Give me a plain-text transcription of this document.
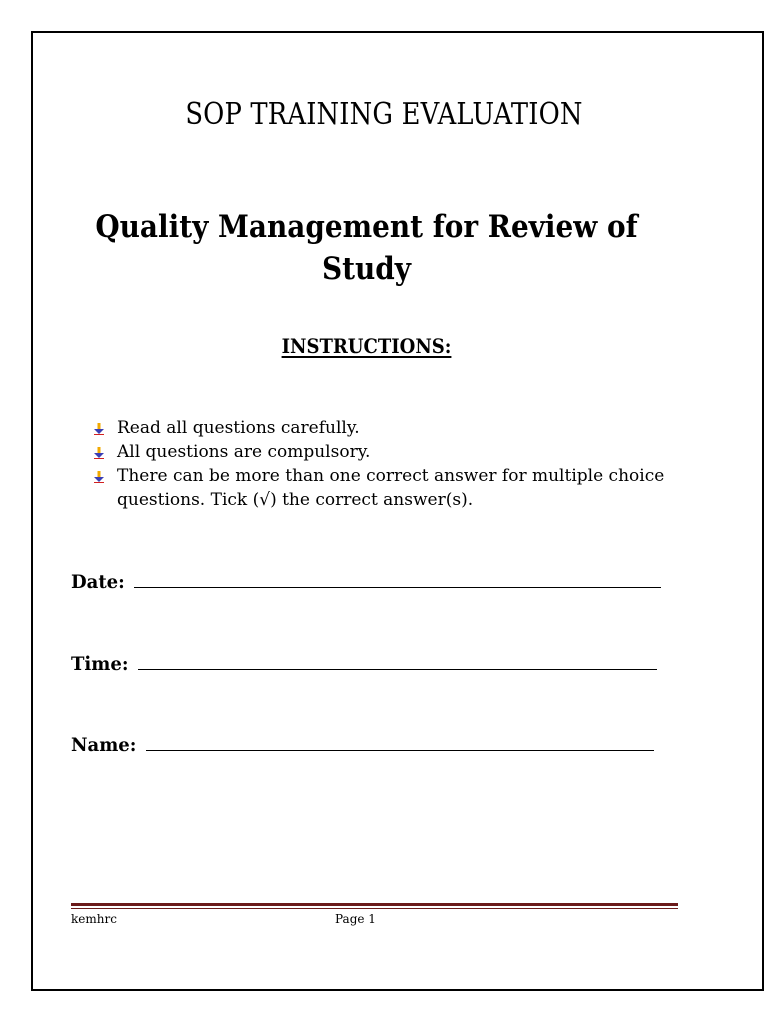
SOP TRAINING EVALUATION
Quality Management for Review of
Study
INSTRUCTIONS:
Read all questions carefully.
All questions are compulsory.
There can be more than one correct answer for multiple choice questions. Tick (√) the correct answer(s).
Date:
Time:
Name:
kemhrc	Page 1
